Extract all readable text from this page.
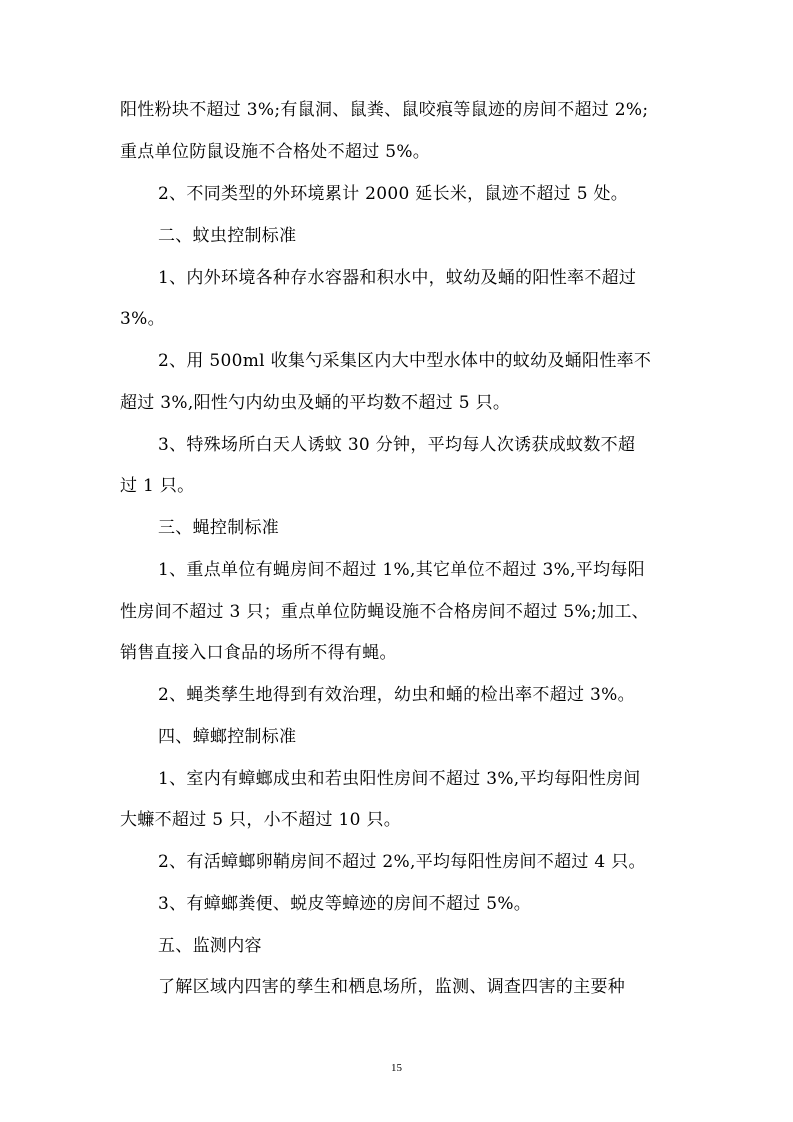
阳性粉块不超过 3%;有鼠洞、鼠粪、鼠咬痕等鼠迹的房间不超过 2%;
重点单位防鼠设施不合格处不超过 5%。
2、不同类型的外环境累计 2000 延长米，鼠迹不超过 5 处。
二、蚊虫控制标准
1、内外环境各种存水容器和积水中，蚊幼及蛹的阳性率不超过
3%。
2、用 500ml 收集勺采集区内大中型水体中的蚊幼及蛹阳性率不
超过 3%,阳性勺内幼虫及蛹的平均数不超过 5 只。
3、特殊场所白天人诱蚊 30 分钟，平均每人次诱获成蚊数不超
过 1 只。
三、蝇控制标准
1、重点单位有蝇房间不超过 1%,其它单位不超过 3%,平均每阳
性房间不超过 3 只；重点单位防蝇设施不合格房间不超过 5%;加工、
销售直接入口食品的场所不得有蝇。
2、蝇类孳生地得到有效治理，幼虫和蛹的检出率不超过 3%。
四、蟑螂控制标准
1、室内有蟑螂成虫和若虫阳性房间不超过 3%,平均每阳性房间
大蠊不超过 5 只，小不超过 10 只。
2、有活蟑螂卵鞘房间不超过 2%,平均每阳性房间不超过 4 只。
3、有蟑螂粪便、蜕皮等蟑迹的房间不超过 5%。
五、监测内容
了解区域内四害的孳生和栖息场所，监测、调查四害的主要种
15
